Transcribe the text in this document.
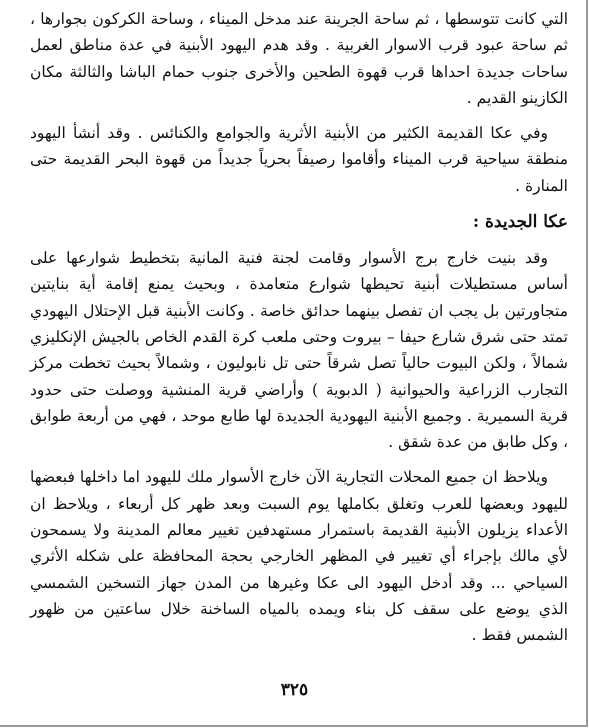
التي كانت تتوسطها ، ثم ساحة الجرينة عند مدخل الميناء ، وساحة الكركون بجوارها ، ثم ساحة عبود قرب الاسوار الغربية . وقد هدم اليهود الأبنية في عدة مناطق لعمل ساحات جديدة احداها قرب قهوة الطحين والأخرى جنوب حمام الباشا والثالثة مكان الكازينو القديم .

وفي عكا القديمة الكثير من الأبنية الأثرية والجوامع والكنائس . وقد أنشأ اليهود منطقة سياحية قرب الميناء وأقاموا رصيفاً بحرياً جديداً من قهوة البحر القديمة حتى المنارة .

عكا الجديدة :

وقد بنيت خارج برج الأسوار وقامت لجنة فنية المانية بتخطيط شوارعها على أساس مستطيلات أبنية تحيطها شوارع متعامدة ، وبحيث يمنع إقامة أية بنايتين متجاورتين بل يجب ان تفصل بينهما حدائق خاصة . وكانت الأبنية قبل الإحتلال اليهودي تمتد حتى شرق شارع حيفا – بيروت وحتى ملعب كرة القدم الخاص بالجيش الإنكليزي شمالاً ، ولكن البيوت حالياً تصل شرقاً حتى تل نابوليون ، وشمالاً بحيث تخطت مركز التجارب الزراعية والحيوانية ( الدبوية ) وأراضي قرية المنشية ووصلت حتى حدود قرية السميرية . وجميع الأبنية اليهودية الجديدة لها طابع موحد ، فهي من أربعة طوابق ، وكل طابق من عدة شقق .

ويلاحظ ان جميع المحلات التجارية الآن خارج الأسوار ملك لليهود اما داخلها فبعضها لليهود وبعضها للعرب وتغلق بكاملها يوم السبت وبعد ظهر كل أربعاء ، ويلاحظ ان الأعداء يزيلون الأبنية القديمة باستمرار مستهدفين تغيير معالم المدينة ولا يسمحون لأي مالك بإجراء أي تغيير في المظهر الخارجي بحجة المحافظة على شكله الأثري السياحي ... وقد أدخل اليهود الى عكا وغيرها من المدن جهاز التسخين الشمسي الذي يوضع على سقف كل بناء ويمده بالمياه الساخنة خلال ساعتين من ظهور الشمس فقط .

٣٢٥
